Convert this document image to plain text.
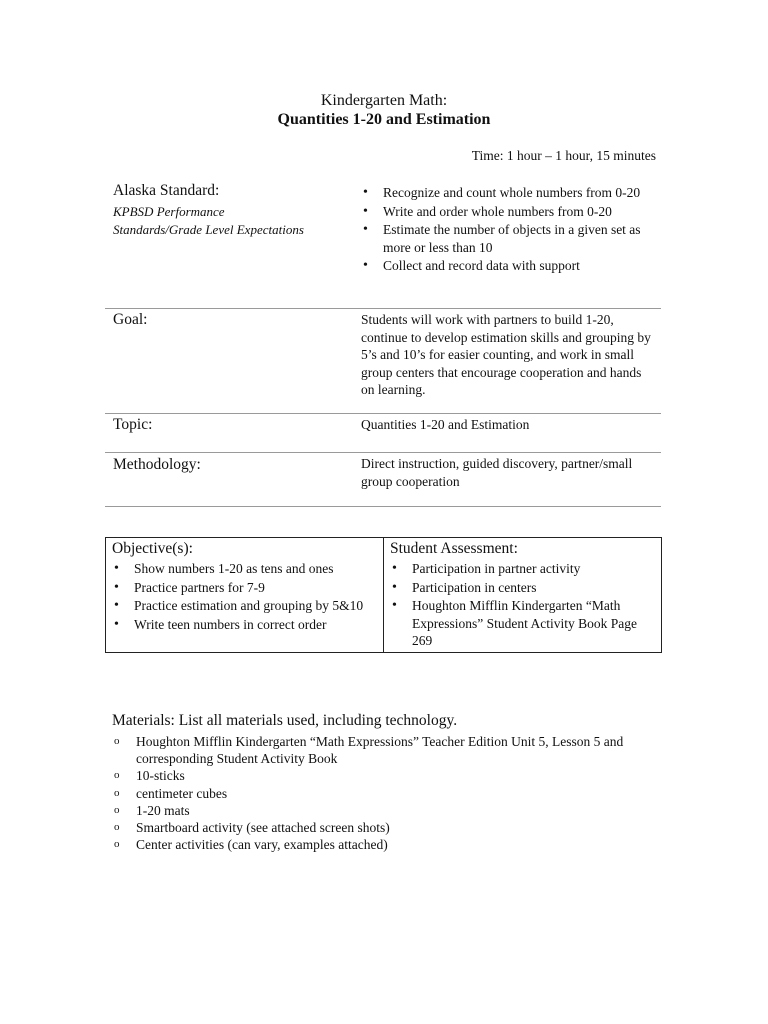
Kindergarten Math:
Quantities 1-20 and Estimation
Time: 1 hour – 1 hour, 15 minutes
Alaska Standard:
KPBSD Performance
Standards/Grade Level Expectations
• Recognize and count whole numbers from 0-20
• Write and order whole numbers from 0-20
• Estimate the number of objects in a given set as more or less than 10
• Collect and record data with support
Goal:	Students will work with partners to build 1-20, continue to develop estimation skills and grouping by 5’s and 10’s for easier counting, and work in small group centers that encourage cooperation and hands on learning.
Topic:	Quantities 1-20 and Estimation
Methodology:	Direct instruction, guided discovery, partner/small group cooperation
Objective(s):
• Show numbers 1-20 as tens and ones
• Practice partners for 7-9
• Practice estimation and grouping by 5&10
• Write teen numbers in correct order
Student Assessment:
• Participation in partner activity
• Participation in centers
• Houghton Mifflin Kindergarten “Math Expressions” Student Activity Book Page 269
Materials: List all materials used, including technology.
o Houghton Mifflin Kindergarten “Math Expressions” Teacher Edition Unit 5, Lesson 5 and corresponding Student Activity Book
o 10-sticks
o centimeter cubes
o 1-20 mats
o Smartboard activity (see attached screen shots)
o Center activities (can vary, examples attached)
